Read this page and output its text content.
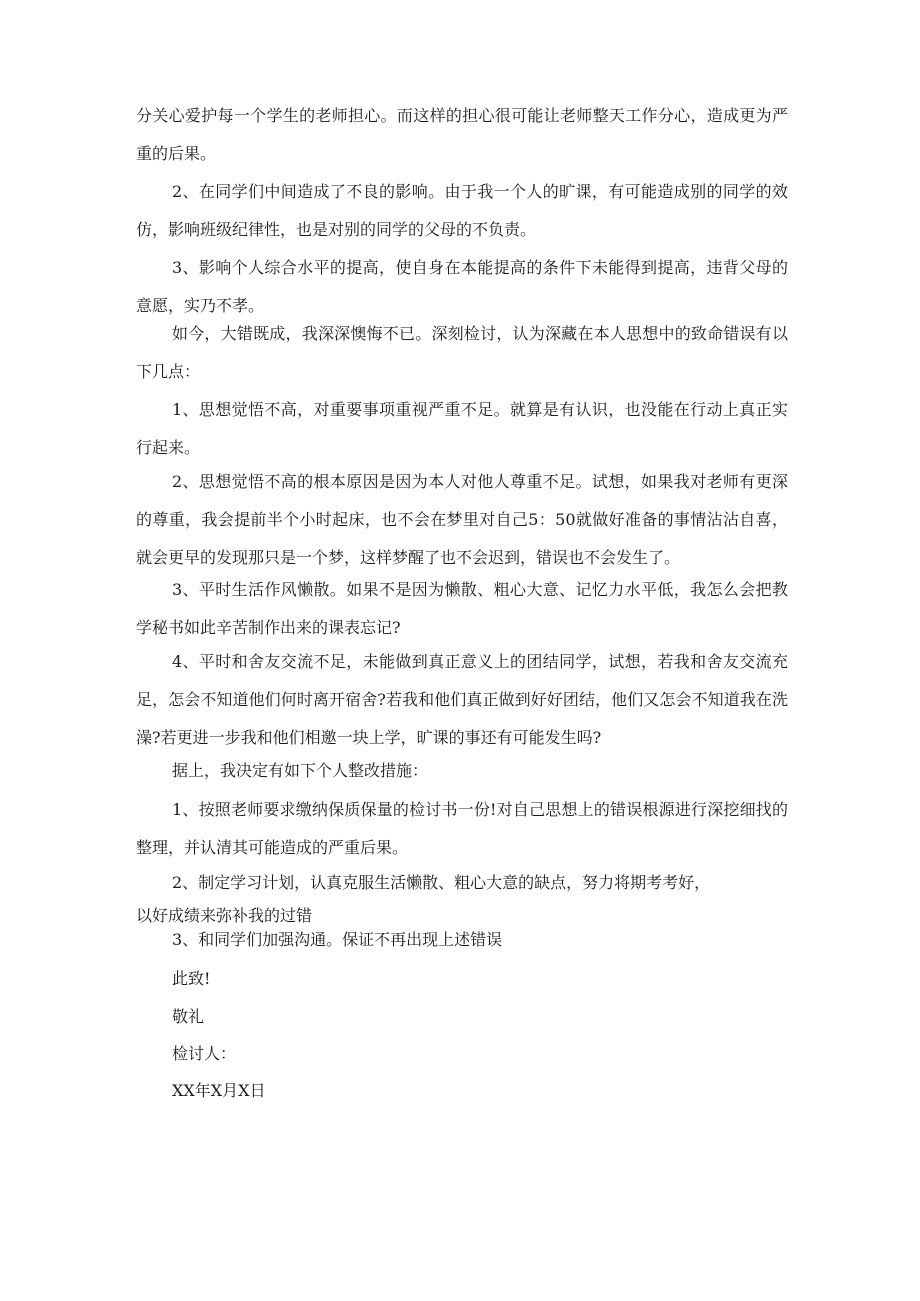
分关心爱护每一个学生的老师担心。而这样的担心很可能让老师整天工作分心，造成更为严重的后果。

2、在同学们中间造成了不良的影响。由于我一个人的旷课，有可能造成别的同学的效仿，影响班级纪律性，也是对别的同学的父母的不负责。

3、影响个人综合水平的提高，使自身在本能提高的条件下未能得到提高，违背父母的意愿，实乃不孝。

如今，大错既成，我深深懊悔不已。深刻检讨，认为深藏在本人思想中的致命错误有以下几点：

1、思想觉悟不高，对重要事项重视严重不足。就算是有认识，也没能在行动上真正实行起来。

2、思想觉悟不高的根本原因是因为本人对他人尊重不足。试想，如果我对老师有更深的尊重，我会提前半个小时起床，也不会在梦里对自己5：50就做好准备的事情沾沾自喜，就会更早的发现那只是一个梦，这样梦醒了也不会迟到，错误也不会发生了。

3、平时生活作风懒散。如果不是因为懒散、粗心大意、记忆力水平低，我怎么会把教学秘书如此辛苦制作出来的课表忘记?

4、平时和舍友交流不足，未能做到真正意义上的团结同学，试想，若我和舍友交流充足，怎会不知道他们何时离开宿舍?若我和他们真正做到好好团结，他们又怎会不知道我在洗澡?若更进一步我和他们相邀一块上学，旷课的事还有可能发生吗?

据上，我决定有如下个人整改措施：

1、按照老师要求缴纳保质保量的检讨书一份!对自己思想上的错误根源进行深挖细找的整理，并认清其可能造成的严重后果。

2、制定学习计划，认真克服生活懒散、粗心大意的缺点，努力将期考考好，

以好成绩来弥补我的过错

3、和同学们加强沟通。保证不再出现上述错误

此致!

敬礼

检讨人：

XX年X月X日
